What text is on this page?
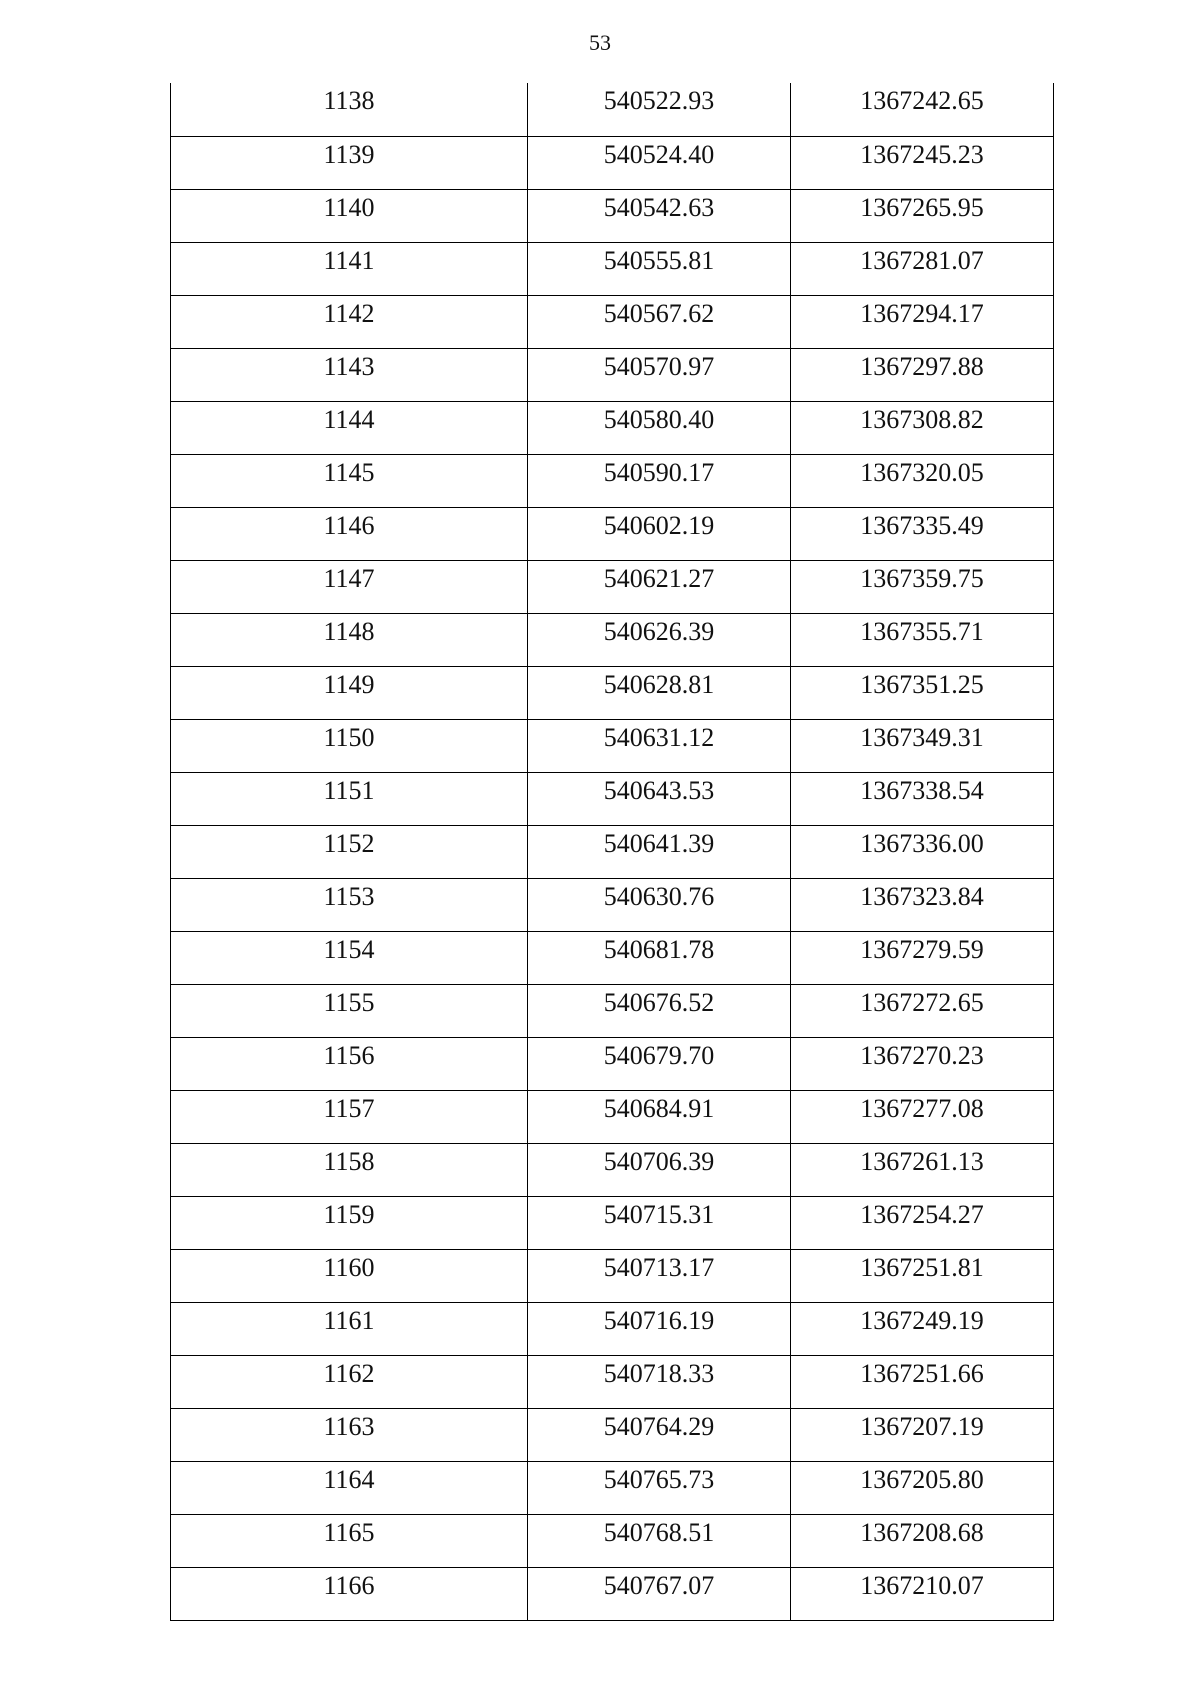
53
1138	540522.93	1367242.65
1139	540524.40	1367245.23
1140	540542.63	1367265.95
1141	540555.81	1367281.07
1142	540567.62	1367294.17
1143	540570.97	1367297.88
1144	540580.40	1367308.82
1145	540590.17	1367320.05
1146	540602.19	1367335.49
1147	540621.27	1367359.75
1148	540626.39	1367355.71
1149	540628.81	1367351.25
1150	540631.12	1367349.31
1151	540643.53	1367338.54
1152	540641.39	1367336.00
1153	540630.76	1367323.84
1154	540681.78	1367279.59
1155	540676.52	1367272.65
1156	540679.70	1367270.23
1157	540684.91	1367277.08
1158	540706.39	1367261.13
1159	540715.31	1367254.27
1160	540713.17	1367251.81
1161	540716.19	1367249.19
1162	540718.33	1367251.66
1163	540764.29	1367207.19
1164	540765.73	1367205.80
1165	540768.51	1367208.68
1166	540767.07	1367210.07
